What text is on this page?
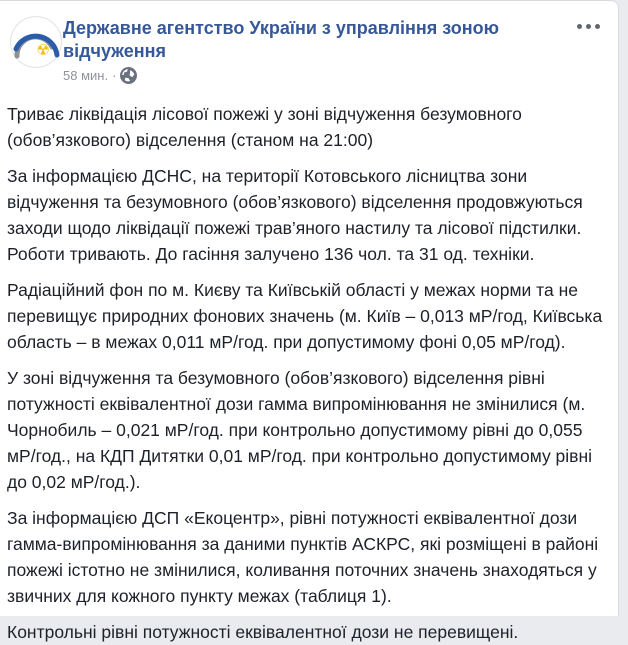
☢
Державне агентство України з управління зоною відчуження
58 мин. ·

Триває ліквідація лісової пожежі у зоні відчуження безумовного (обов’язкового) відселення (станом на 21:00)

За інформацією ДСНС, на території Котовського лісництва зони відчуження та безумовного (обов’язкового) відселення продовжуються заходи щодо ліквідації пожежі трав’яного настилу та лісової підстилки. Роботи тривають. До гасіння залучено 136 чол. та 31 од. техніки.

Радіаційний фон по м. Києву та Київській області у межах норми та не перевищує природних фонових значень (м. Київ – 0,013 мР/год, Київська область – в межах 0,011 мР/год. при допустимому фоні 0,05 мР/год).

У зоні відчуження та безумовного (обов’язкового) відселення рівні потужності еквівалентної дози гамма випромінювання не змінилися (м. Чорнобиль – 0,021 мР/год. при контрольно допустимому рівні до 0,055 мР/год., на КДП Дитятки 0,01 мР/год. при контрольно допустимому рівні до 0,02 мР/год.).

За інформацією ДСП «Екоцентр», рівні потужності еквівалентної дози гамма-випромінювання за даними пунктів АСКРС, які розміщені в районі пожежі істотно не змінилися, коливання поточних значень знаходяться у звичних для кожного пункту межах (таблиця 1).

Контрольні рівні потужності еквівалентної дози не перевищені.
